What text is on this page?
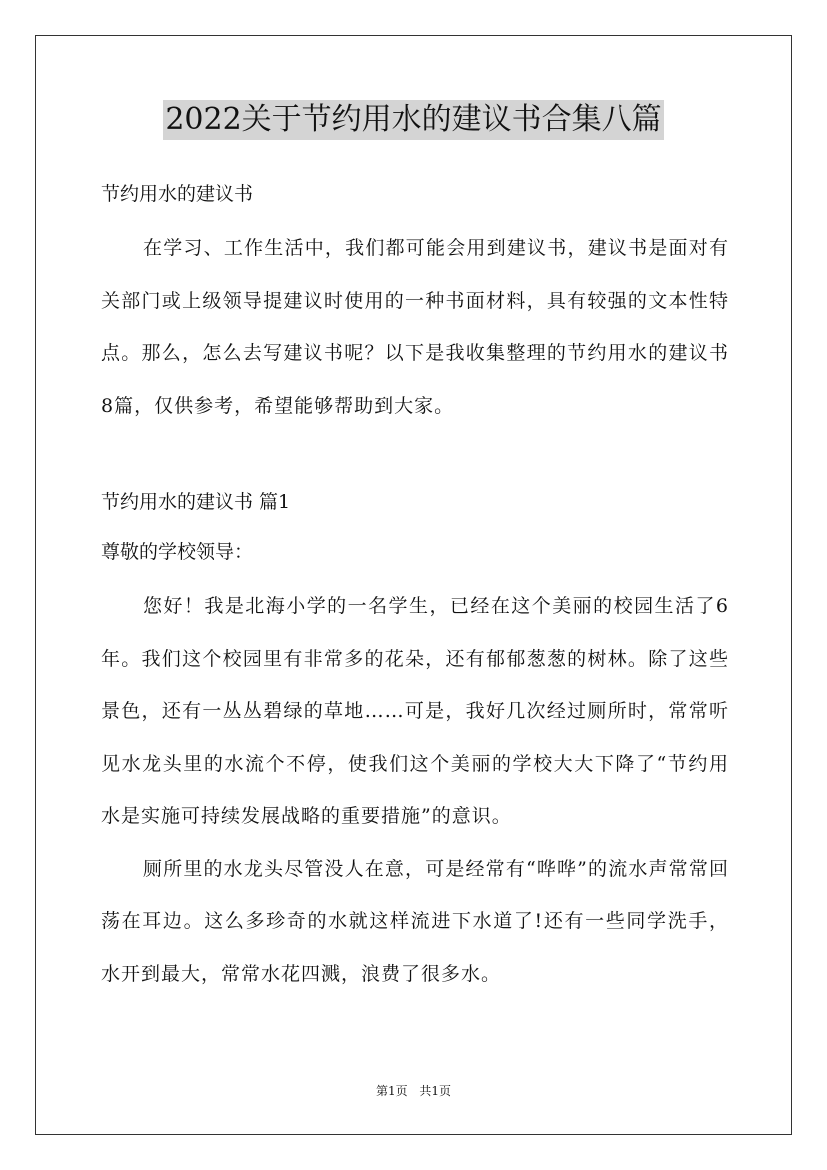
2022关于节约用水的建议书合集八篇

节约用水的建议书

在学习、工作生活中，我们都可能会用到建议书，建议书是面对有关部门或上级领导提建议时使用的一种书面材料，具有较强的文本性特点。那么，怎么去写建议书呢？以下是我收集整理的节约用水的建议书8篇，仅供参考，希望能够帮助到大家。

节约用水的建议书 篇1

尊敬的学校领导：

您好！我是北海小学的一名学生，已经在这个美丽的校园生活了6年。我们这个校园里有非常多的花朵，还有郁郁葱葱的树林。除了这些景色，还有一丛丛碧绿的草地……可是，我好几次经过厕所时，常常听见水龙头里的水流个不停，使我们这个美丽的学校大大下降了“节约用水是实施可持续发展战略的重要措施”的意识。

厕所里的水龙头尽管没人在意，可是经常有“哗哗”的流水声常常回荡在耳边。这么多珍奇的水就这样流进下水道了!还有一些同学洗手，水开到最大，常常水花四溅，浪费了很多水。

第1页 共1页
